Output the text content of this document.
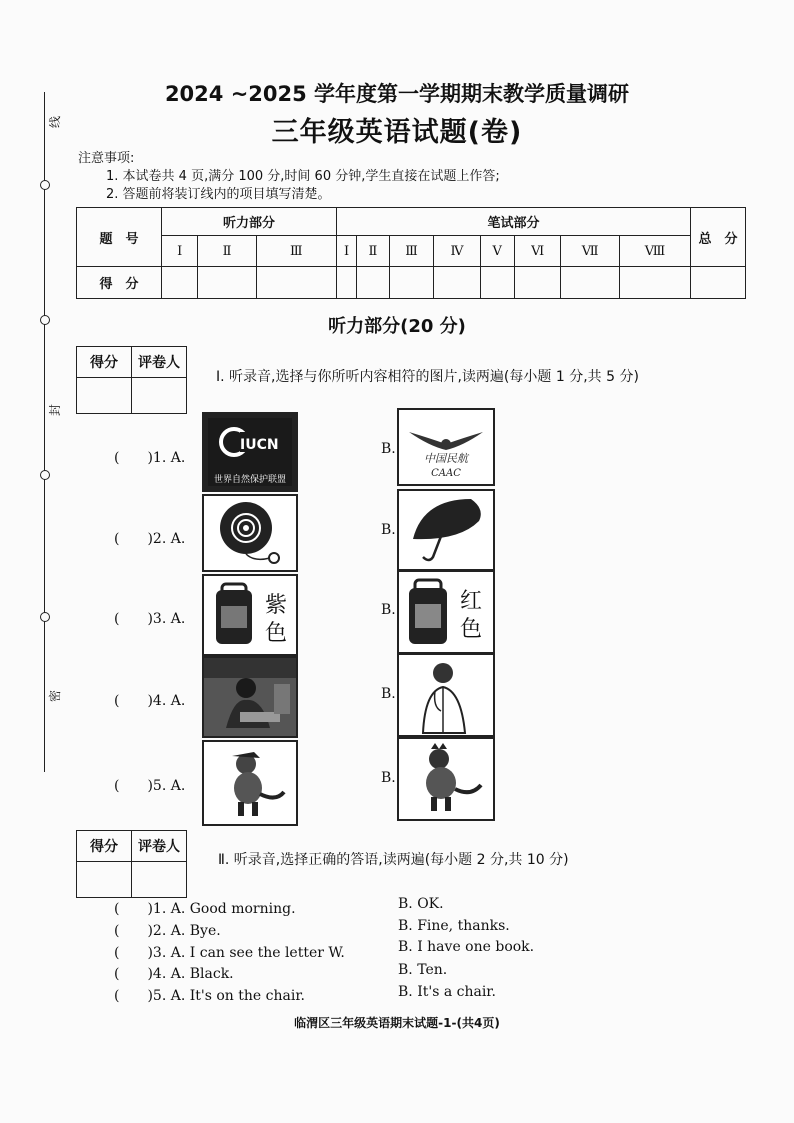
线
封
密
2024 ~2025 学年度第一学期期末教学质量调研
三年级英语试题(卷)
注意事项:
1. 本试卷共 4 页,满分 100 分,时间 60 分钟,学生直接在试题上作答;
2. 答题前将装订线内的项目填写清楚。
题　号	听力部分			笔试部分								总　分
	Ⅰ	Ⅱ	Ⅲ	Ⅰ	Ⅱ	Ⅲ	Ⅳ	Ⅴ	Ⅵ	Ⅶ	Ⅷ	
得　分												
听力部分(20 分)
得分	评卷人

Ⅰ. 听录音,选择与你所听内容相符的图片,读两遍(每小题 1 分,共 5 分)
(　　)1. A.
IUCN
世界自然保护联盟
B.
中国民航
CAAC
(　　)2. A.
B.
(　　)3. A.
紫
色
B.	红
色
(　　)4. A.	B.
(　　)5. A.	B.
得分	评卷人

Ⅱ. 听录音,选择正确的答语,读两遍(每小题 2 分,共 10 分)
(　　)1. A. Good morning.	B. OK.
(　　)2. A. Bye.	B. Fine, thanks.
(　　)3. A. I can see the letter W.	B. I have one book.
(　　)4. A. Black.	B. Ten.
(　　)5. A. It's on the chair.	B. It's a chair.
临渭区三年级英语期末试题-1-(共4页)
